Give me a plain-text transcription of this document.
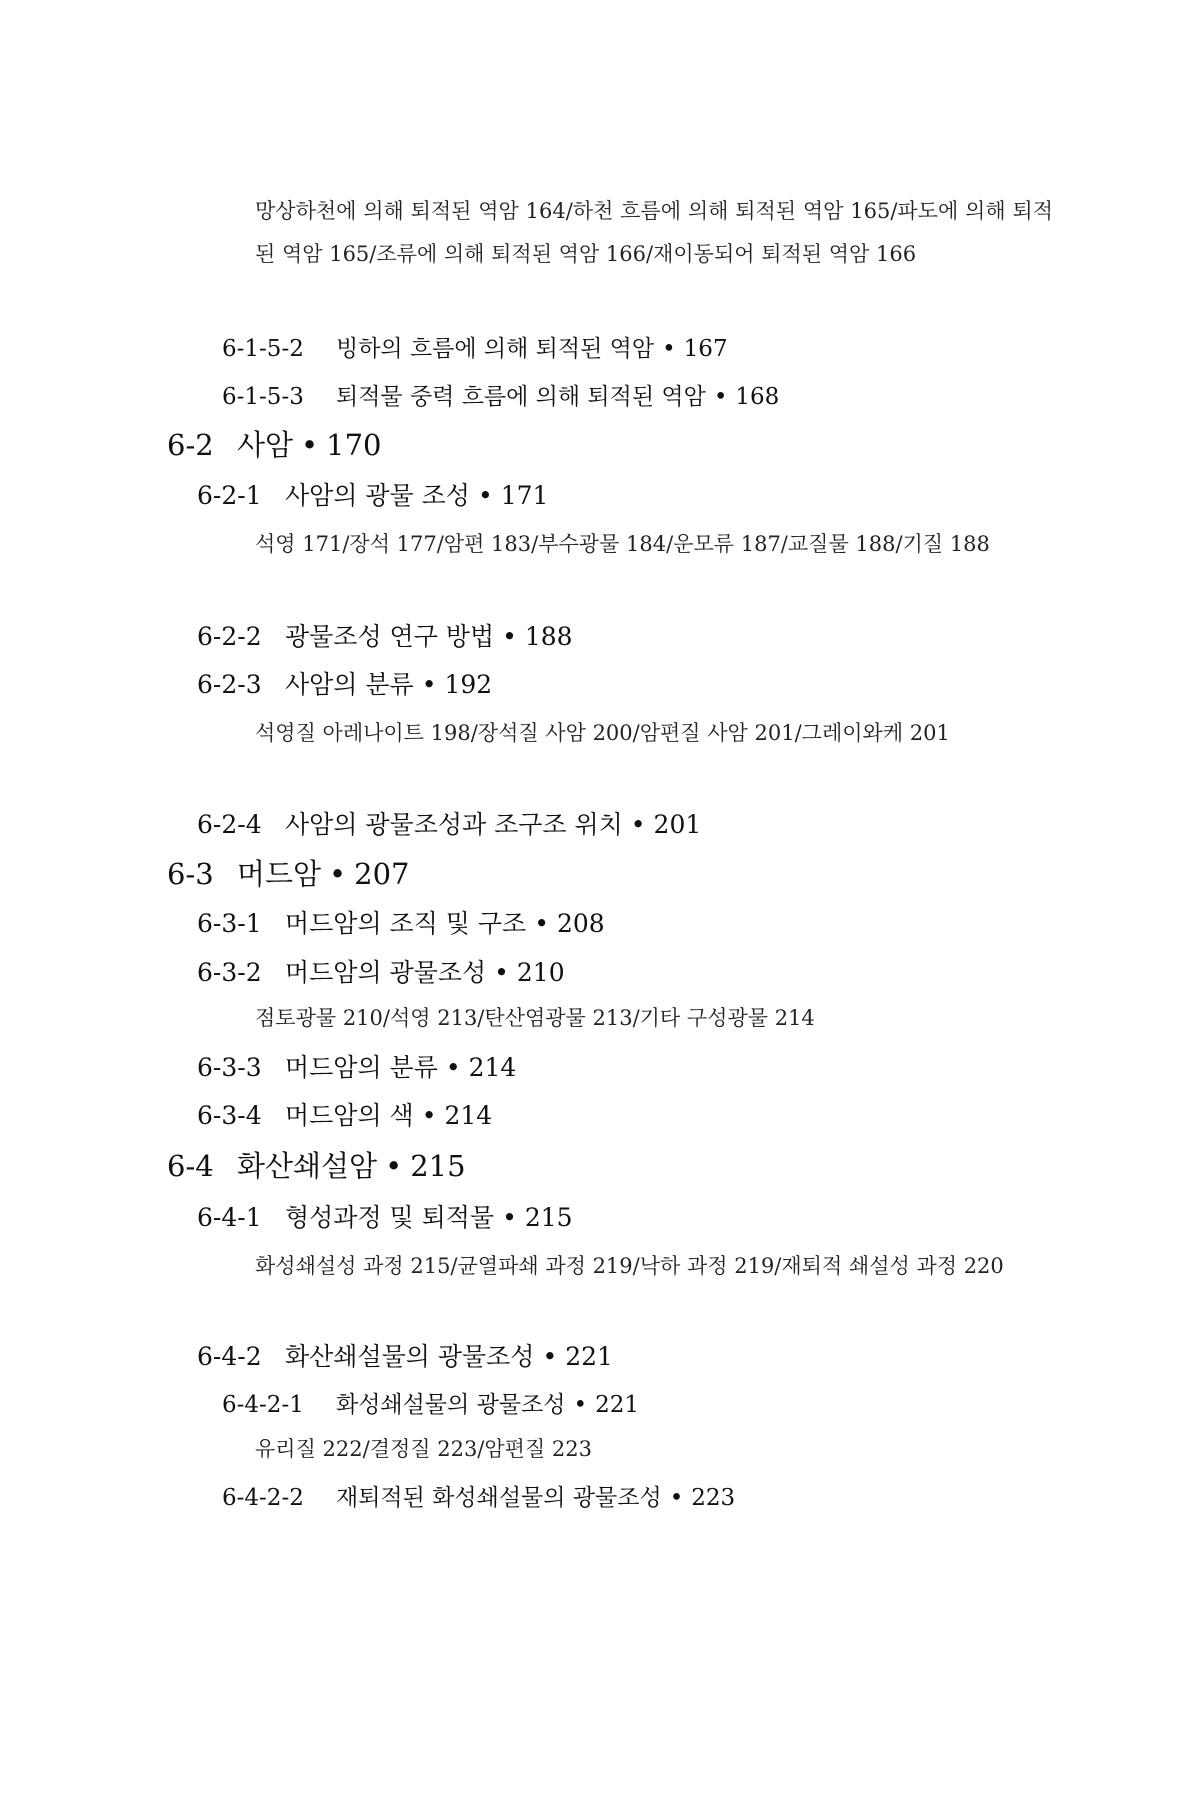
망상하천에 의해 퇴적된 역암 164/하천 흐름에 의해 퇴적된 역암 165/파도에 의해 퇴적된 역암 165/조류에 의해 퇴적된 역암 166/재이동되어 퇴적된 역암 166
6-1-5-2 빙하의 흐름에 의해 퇴적된 역암 • 167
6-1-5-3 퇴적물 중력 흐름에 의해 퇴적된 역암 • 168
6-2 사암 • 170
6-2-1 사암의 광물 조성 • 171
석영 171/장석 177/암편 183/부수광물 184/운모류 187/교질물 188/기질 188
6-2-2 광물조성 연구 방법 • 188
6-2-3 사암의 분류 • 192
석영질 아레나이트 198/장석질 사암 200/암편질 사암 201/그레이와케 201
6-2-4 사암의 광물조성과 조구조 위치 • 201
6-3 머드암 • 207
6-3-1 머드암의 조직 및 구조 • 208
6-3-2 머드암의 광물조성 • 210
점토광물 210/석영 213/탄산염광물 213/기타 구성광물 214
6-3-3 머드암의 분류 • 214
6-3-4 머드암의 색 • 214
6-4 화산쇄설암 • 215
6-4-1 형성과정 및 퇴적물 • 215
화성쇄설성 과정 215/균열파쇄 과정 219/낙하 과정 219/재퇴적 쇄설성 과정 220
6-4-2 화산쇄설물의 광물조성 • 221
6-4-2-1 화성쇄설물의 광물조성 • 221
유리질 222/결정질 223/암편질 223
6-4-2-2 재퇴적된 화성쇄설물의 광물조성 • 223
